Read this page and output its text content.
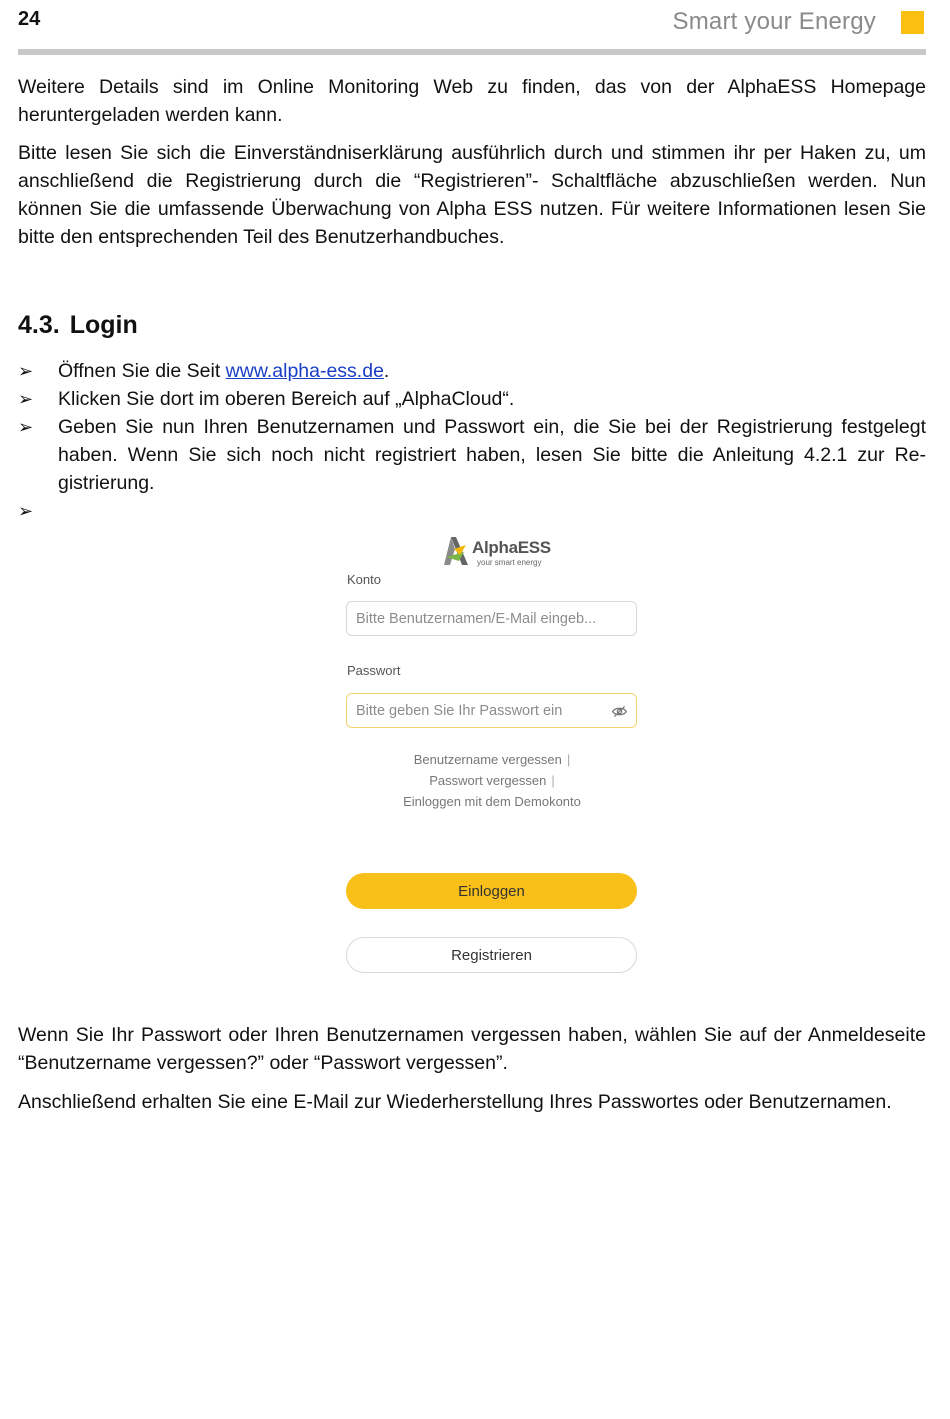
24	Smart your Energy

Weitere Details sind im Online Monitoring Web zu finden, das von der AlphaESS Homepage heruntergeladen werden kann.

Bitte lesen Sie sich die Einverständniserklärung ausführlich durch und stimmen ihr per Haken zu, um anschließend die Registrierung durch die “Registrieren”- Schaltfläche abzuschließen werden. Nun können Sie die umfassende Überwachung von Alpha ESS nutzen. Für weitere Informationen lesen Sie bitte den entsprechenden Teil des Benutzerhandbuches.

4.3. Login
➢ Öffnen Sie die Seit www.alpha-ess.de.
➢ Klicken Sie dort im oberen Bereich auf „AlphaCloud“.
➢ Geben Sie nun Ihren Benutzernamen und Passwort ein, die Sie bei der Registrierung festgelegt haben. Wenn Sie sich noch nicht registriert haben, lesen Sie bitte die Anleitung 4.2.1 zur Re-gistrierung.
➢
AlphaESS
your smart energy
Konto
Bitte Benutzernamen/E-Mail eingeb...
Passwort
Benutzername vergessen |
Passwort vergessen |
Einloggen mit dem Demokonto
Einloggen
Registrieren

Wenn Sie Ihr Passwort oder Ihren Benutzernamen vergessen haben, wählen Sie auf der Anmeldeseite “Benutzername vergessen?” oder “Passwort vergessen”.

Anschließend erhalten Sie eine E-Mail zur Wiederherstellung Ihres Passwortes oder Benutzernamen.
